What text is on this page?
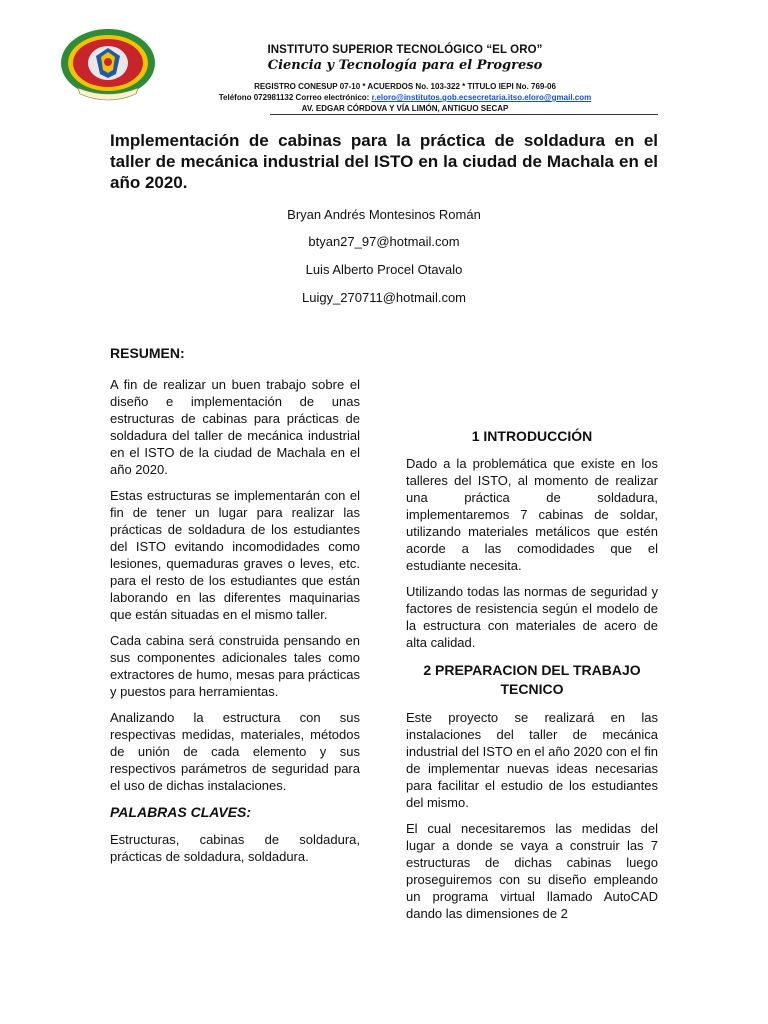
INSTITUTO SUPERIOR TECNOLÓGICO “EL ORO”
Ciencia y Tecnología para el Progreso
REGISTRO CONESUP 07-10 * ACUERDOS No. 103-322 * TITULO IEPI No. 769-06
Teléfono 072981132 Correo electrónico: r.eloro@institutos.gob.ecsecretaria.itso.eloro@gmail.com
AV. EDGAR CÓRDOVA Y VÍA LIMÓN, ANTIGUO SECAP
Implementación de cabinas para la práctica de soldadura en el taller de mecánica industrial del ISTO en la ciudad de Machala en el año 2020.
Bryan Andrés Montesinos Román
btyan27_97@hotmail.com
Luis Alberto Procel Otavalo
Luigy_270711@hotmail.com
RESUMEN:

A fin de realizar un buen trabajo sobre el diseño e implementación de unas estructuras de cabinas para prácticas de soldadura del taller de mecánica industrial en el ISTO de la ciudad de Machala en el año 2020.

Estas estructuras se implementarán con el fin de tener un lugar para realizar las prácticas de soldadura de los estudiantes del ISTO evitando incomodidades como lesiones, quemaduras graves o leves, etc. para el resto de los estudiantes que están laborando en las diferentes maquinarias que están situadas en el mismo taller.

Cada cabina será construida pensando en sus componentes adicionales tales como extractores de humo, mesas para prácticas y puestos para herramientas.

Analizando la estructura con sus respectivas medidas, materiales, métodos de unión de cada elemento y sus respectivos parámetros de seguridad para el uso de dichas instalaciones.

PALABRAS CLAVES:

Estructuras, cabinas de soldadura, prácticas de soldadura, soldadura.

1 INTRODUCCIÓN

Dado a la problemática que existe en los talleres del ISTO, al momento de realizar una práctica de soldadura, implementaremos 7 cabinas de soldar, utilizando materiales metálicos que estén acorde a las comodidades que el estudiante necesita.

Utilizando todas las normas de seguridad y factores de resistencia según el modelo de la estructura con materiales de acero de alta calidad.

2 PREPARACION DEL TRABAJO TECNICO

Este proyecto se realizará en las instalaciones del taller de mecánica industrial del ISTO en el año 2020 con el fin de implementar nuevas ideas necesarias para facilitar el estudio de los estudiantes del mismo.

El cual necesitaremos las medidas del lugar a donde se vaya a construir las 7 estructuras de dichas cabinas luego proseguiremos con su diseño empleando un programa virtual llamado AutoCAD dando las dimensiones de 2
